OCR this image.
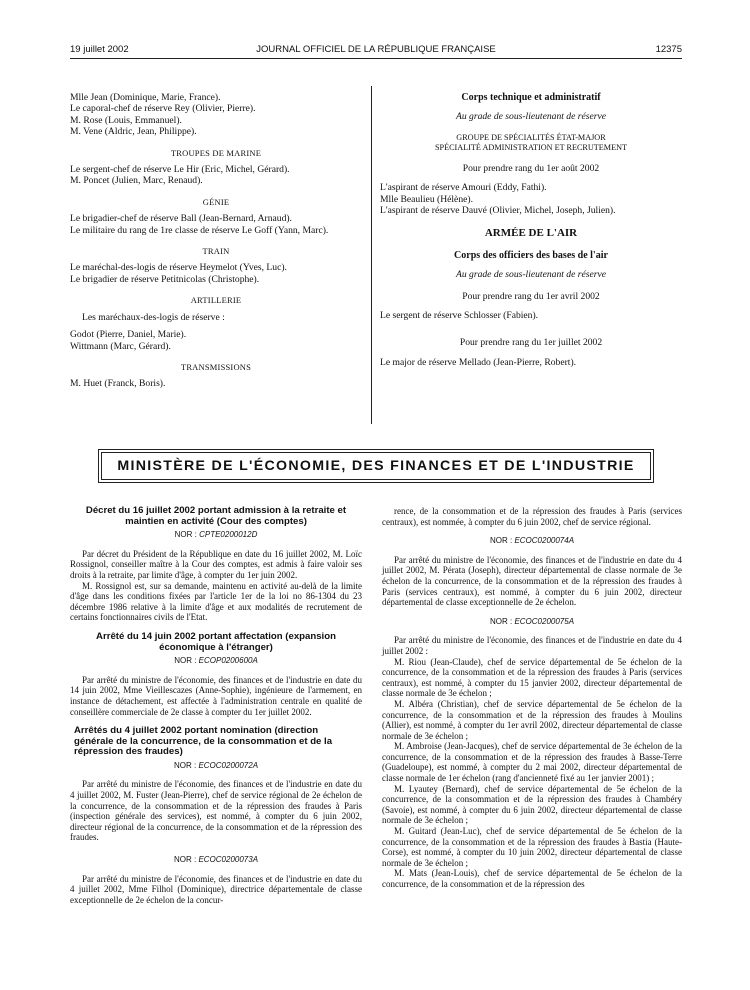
19 juillet 2002	JOURNAL OFFICIEL DE LA RÉPUBLIQUE FRANÇAISE	12375

Mlle Jean (Dominique, Marie, France).

Le caporal-chef de réserve Rey (Olivier, Pierre).

M. Rose (Louis, Emmanuel).

M. Vene (Aldric, Jean, Philippe).

TROUPES DE MARINE

Le sergent-chef de réserve Le Hir (Eric, Michel, Gérard).

M. Poncet (Julien, Marc, Renaud).

GÉNIE

Le brigadier-chef de réserve Ball (Jean-Bernard, Arnaud).

Le militaire du rang de 1re classe de réserve Le Goff (Yann, Marc).

TRAIN

Le maréchal-des-logis de réserve Heymelot (Yves, Luc).

Le brigadier de réserve Petitnicolas (Christophe).

ARTILLERIE

Les maréchaux-des-logis de réserve :

Godot (Pierre, Daniel, Marie).

Wittmann (Marc, Gérard).

TRANSMISSIONS

M. Huet (Franck, Boris).

Corps technique et administratif

Au grade de sous-lieutenant de réserve

GROUPE DE SPÉCIALITÉS ÉTAT-MAJOR

SPÉCIALITÉ ADMINISTRATION ET RECRUTEMENT

Pour prendre rang du 1er août 2002

L'aspirant de réserve Amouri (Eddy, Fathi).

Mlle Beaulieu (Hélène).

L'aspirant de réserve Dauvé (Olivier, Michel, Joseph, Julien).

ARMÉE DE L'AIR

Corps des officiers des bases de l'air

Au grade de sous-lieutenant de réserve

Pour prendre rang du 1er avril 2002

Le sergent de réserve Schlosser (Fabien).

Pour prendre rang du 1er juillet 2002

Le major de réserve Mellado (Jean-Pierre, Robert).

MINISTÈRE DE L'ÉCONOMIE, DES FINANCES ET DE L'INDUSTRIE

Décret du 16 juillet 2002 portant admission à la retraite et maintien en activité (Cour des comptes)

NOR : CPTE0200012D

Par décret du Président de la République en date du 16 juillet 2002, M. Loïc Rossignol, conseiller maître à la Cour des comptes, est admis à faire valoir ses droits à la retraite, par limite d'âge, à compter du 1er juin 2002.

M. Rossignol est, sur sa demande, maintenu en activité au-delà de la limite d'âge dans les conditions fixées par l'article 1er de la loi no 86-1304 du 23 décembre 1986 relative à la limite d'âge et aux modalités de recrutement de certains fonctionnaires civils de l'Etat.

Arrêté du 14 juin 2002 portant affectation (expansion économique à l'étranger)

NOR : ECOP0200600A

Par arrêté du ministre de l'économie, des finances et de l'industrie en date du 14 juin 2002, Mme Vieillescazes (Anne-Sophie), ingénieure de l'armement, en instance de détachement, est affectée à l'administration centrale en qualité de conseillère commerciale de 2e classe à compter du 1er juillet 2002.

Arrêtés du 4 juillet 2002 portant nomination (direction générale de la concurrence, de la consommation et de la répression des fraudes)

NOR : ECOC0200072A

Par arrêté du ministre de l'économie, des finances et de l'industrie en date du 4 juillet 2002, M. Fuster (Jean-Pierre), chef de service régional de 2e échelon de la concurrence, de la consommation et de la répression des fraudes à Paris (inspection générale des services), est nommé, à compter du 6 juin 2002, directeur régional de la concurrence, de la consommation et de la répression des fraudes.

NOR : ECOC0200073A

Par arrêté du ministre de l'économie, des finances et de l'industrie en date du 4 juillet 2002, Mme Filhol (Dominique), directrice départementale de classe exceptionnelle de 2e échelon de la concur-

rence, de la consommation et de la répression des fraudes à Paris (services centraux), est nommée, à compter du 6 juin 2002, chef de service régional.

NOR : ECOC0200074A

Par arrêté du ministre de l'économie, des finances et de l'industrie en date du 4 juillet 2002, M. Pérata (Joseph), directeur départemental de classe normale de 3e échelon de la concurrence, de la consommation et de la répression des fraudes à Paris (services centraux), est nommé, à compter du 6 juin 2002, directeur départemental de classe exceptionnelle de 2e échelon.

NOR : ECOC0200075A

Par arrêté du ministre de l'économie, des finances et de l'industrie en date du 4 juillet 2002 :

M. Riou (Jean-Claude), chef de service départemental de 5e échelon de la concurrence, de la consommation et de la répression des fraudes à Paris (services centraux), est nommé, à compter du 15 janvier 2002, directeur départemental de classe normale de 3e échelon ;

M. Albéra (Christian), chef de service départemental de 5e échelon de la concurrence, de la consommation et de la répression des fraudes à Moulins (Allier), est nommé, à compter du 1er avril 2002, directeur départemental de classe normale de 3e échelon ;

M. Ambroise (Jean-Jacques), chef de service départemental de 3e échelon de la concurrence, de la consommation et de la répression des fraudes à Basse-Terre (Guadeloupe), est nommé, à compter du 2 mai 2002, directeur départemental de classe normale de 1er échelon (rang d'ancienneté fixé au 1er janvier 2001) ;

M. Lyautey (Bernard), chef de service départemental de 5e échelon de la concurrence, de la consommation et de la répression des fraudes à Chambéry (Savoie), est nommé, à compter du 6 juin 2002, directeur départemental de classe normale de 3e échelon ;

M. Guitard (Jean-Luc), chef de service départemental de 5e échelon de la concurrence, de la consommation et de la répression des fraudes à Bastia (Haute-Corse), est nommé, à compter du 10 juin 2002, directeur départemental de classe normale de 3e échelon ;

M. Mats (Jean-Louis), chef de service départemental de 5e échelon de la concurrence, de la consommation et de la répression des
